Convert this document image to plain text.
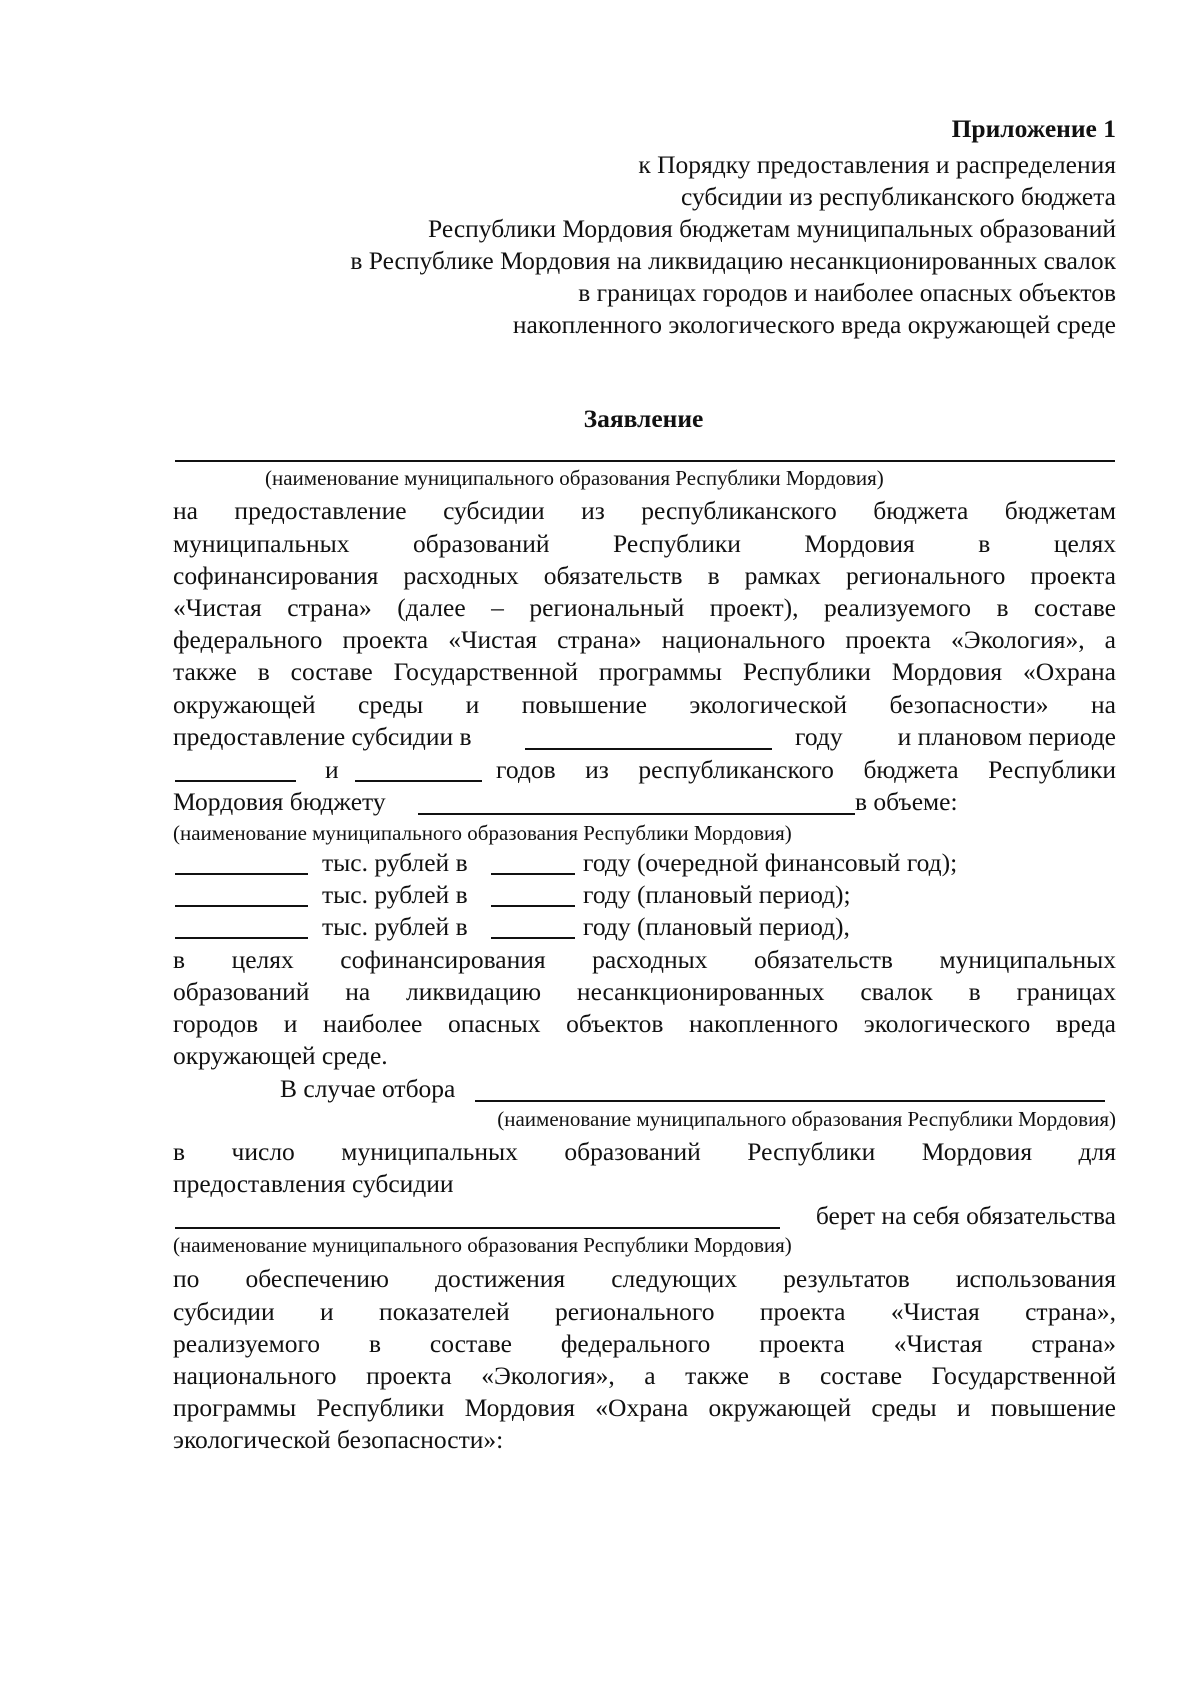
Приложение 1
к Порядку предоставления и распределения
субсидии из республиканского бюджета
Республики Мордовия бюджетам муниципальных образований
в Республике Мордовия на ликвидацию несанкционированных свалок
в границах городов и наиболее опасных объектов
накопленного экологического вреда окружающей среде
Заявление
(наименование муниципального образования Республики Мордовия)
на предоставление субсидии из республиканского бюджета бюджетам
муниципальных образований Республики Мордовия в целях
софинансирования расходных обязательств в рамках регионального проекта
«Чистая страна» (далее – региональный проект), реализуемого в составе
федерального проекта «Чистая страна» национального проекта «Экология», а
также в составе Государственной программы Республики Мордовия «Охрана
окружающей среды и повышение экологической безопасности» на
предоставление субсидии в	году и плановом периоде
и	годов из республиканского бюджета Республики
Мордовия бюджету	в объеме:
(наименование муниципального образования Республики Мордовия)
тыс. рублей в	году (очередной финансовый год);
тыс. рублей в	году (плановый период);
тыс. рублей в	году (плановый период),
в целях софинансирования расходных обязательств муниципальных
образований на ликвидацию несанкционированных свалок в границах
городов и наиболее опасных объектов накопленного экологического вреда
окружающей среде.
В случае отбора
(наименование муниципального образования Республики Мордовия)
в число муниципальных образований Республики Мордовия для
предоставления субсидии
берет на себя обязательства
(наименование муниципального образования Республики Мордовия)
по обеспечению достижения следующих результатов использования
субсидии и показателей регионального проекта «Чистая страна»,
реализуемого в составе федерального проекта «Чистая страна»
национального проекта «Экология», а также в составе Государственной
программы Республики Мордовия «Охрана окружающей среды и повышение
экологической безопасности»:
